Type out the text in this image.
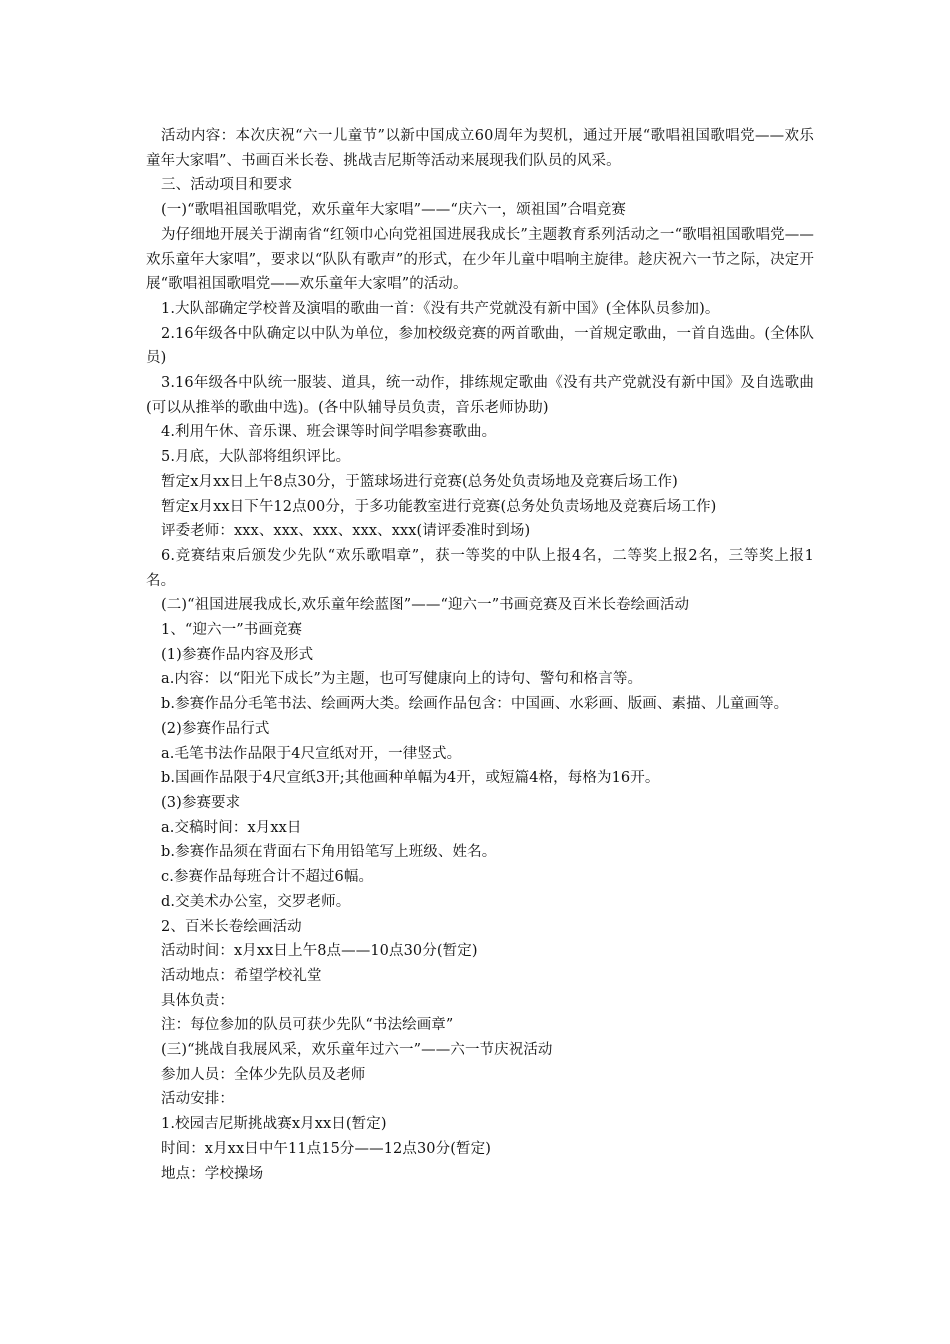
活动内容：本次庆祝“六一儿童节”以新中国成立60周年为契机，通过开展“歌唱祖国歌唱党——欢乐童年大家唱”、书画百米长卷、挑战吉尼斯等活动来展现我们队员的风采。

三、活动项目和要求

(一)“歌唱祖国歌唱党，欢乐童年大家唱”——“庆六一，颂祖国”合唱竞赛

为仔细地开展关于湖南省“红领巾心向党祖国进展我成长”主题教育系列活动之一“歌唱祖国歌唱党——欢乐童年大家唱”，要求以“队队有歌声”的形式，在少年儿童中唱响主旋律。趁庆祝六一节之际，决定开展“歌唱祖国歌唱党——欢乐童年大家唱”的活动。

1.大队部确定学校普及演唱的歌曲一首：《没有共产党就没有新中国》(全体队员参加)。

2.16年级各中队确定以中队为单位，参加校级竞赛的两首歌曲，一首规定歌曲，一首自选曲。(全体队员)

3.16年级各中队统一服装、道具，统一动作，排练规定歌曲《没有共产党就没有新中国》及自选歌曲(可以从推举的歌曲中选)。(各中队辅导员负责，音乐老师协助)

4.利用午休、音乐课、班会课等时间学唱参赛歌曲。

5.月底，大队部将组织评比。

暂定x月xx日上午8点30分，于篮球场进行竞赛(总务处负责场地及竞赛后场工作)

暂定x月xx日下午12点00分，于多功能教室进行竞赛(总务处负责场地及竞赛后场工作)

评委老师：xxx、xxx、xxx、xxx、xxx(请评委准时到场)

6.竞赛结束后颁发少先队“欢乐歌唱章”，获一等奖的中队上报4名，二等奖上报2名，三等奖上报1名。

(二)“祖国进展我成长,欢乐童年绘蓝图”——“迎六一”书画竞赛及百米长卷绘画活动

1、“迎六一”书画竞赛

(1)参赛作品内容及形式

a.内容：以“阳光下成长”为主题，也可写健康向上的诗句、警句和格言等。

b.参赛作品分毛笔书法、绘画两大类。绘画作品包含：中国画、水彩画、版画、素描、儿童画等。

(2)参赛作品行式

a.毛笔书法作品限于4尺宣纸对开，一律竖式。

b.国画作品限于4尺宣纸3开;其他画种单幅为4开，或短篇4格，每格为16开。

(3)参赛要求

a.交稿时间：x月xx日

b.参赛作品须在背面右下角用铅笔写上班级、姓名。

c.参赛作品每班合计不超过6幅。

d.交美术办公室，交罗老师。

2、百米长卷绘画活动

活动时间：x月xx日上午8点——10点30分(暂定)

活动地点：希望学校礼堂

具体负责：

注：每位参加的队员可获少先队“书法绘画章”

(三)“挑战自我展风采，欢乐童年过六一”——六一节庆祝活动

参加人员：全体少先队员及老师

活动安排：

1.校园吉尼斯挑战赛x月xx日(暂定)

时间：x月xx日中午11点15分——12点30分(暂定)

地点：学校操场
